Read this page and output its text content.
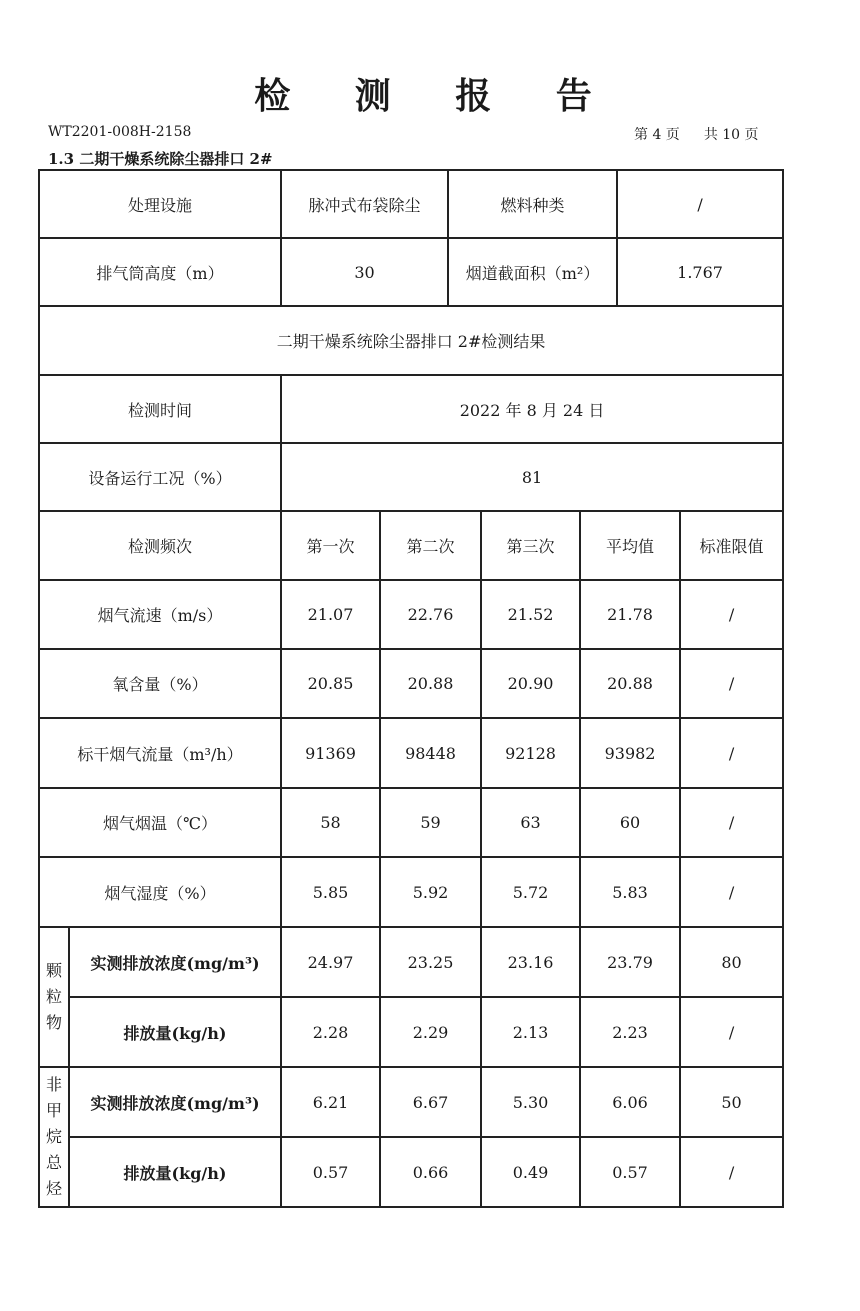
检 测 报 告
WT2201-008H-2158	第 4 页 共 10 页
1.3 二期干燥系统除尘器排口 2#
处理设施		脉冲式布袋除尘		燃料种类			/	
排气筒高度（m）		30		烟道截面积（m²）			1.767	
二期干燥系统除尘器排口 2#检测结果								
检测时间		2022 年 8 月 24 日						
设备运行工况（%）		81						
检测频次		第一次	第二次		第三次	平均值		标准限值
烟气流速（m/s）		21.07	22.76		21.52	21.78		/
氧含量（%）		20.85	20.88		20.90	20.88		/
标干烟气流量（m³/h）		91369	98448		92128	93982		/
烟气烟温（℃）		58	59		63	60		/
烟气湿度（%）		5.85	5.92		5.72	5.83		/

颗
粒
物	实测排放浓度(mg/m³)	24.97	23.25		23.16	23.79		80
	排放量(kg/h)	2.28	2.29		2.13	2.23		/

非
甲
烷
总
烃	实测排放浓度(mg/m³)	6.21	6.67		5.30	6.06		50
	排放量(kg/h)	0.57	0.66		0.49	0.57		/
